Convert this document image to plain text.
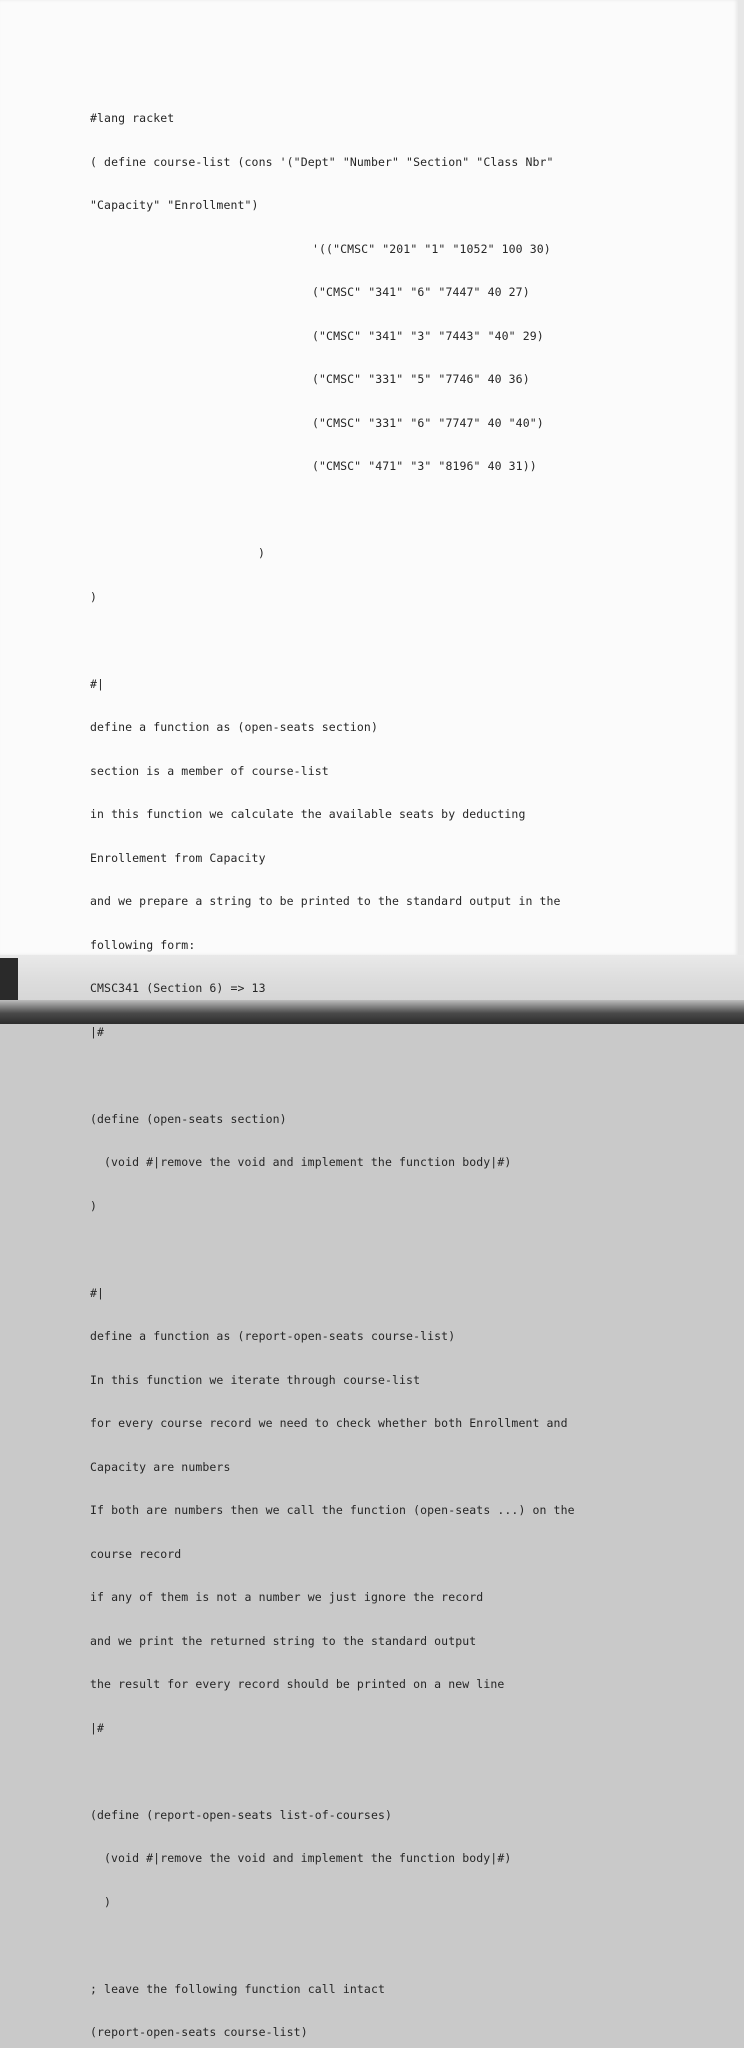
#lang racket

( define course-list (cons '("Dept" "Number" "Section" "Class Nbr"

"Capacity" "Enrollment")

'(("CMSC" "201" "1" "1052" 100 30)

("CMSC" "341" "6" "7447" 40 27)

("CMSC" "341" "3" "7443" "40" 29)

("CMSC" "331" "5" "7746" 40 36)

("CMSC" "331" "6" "7747" 40 "40")

("CMSC" "471" "3" "8196" 40 31))

)

)

#|

define a function as (open-seats section)

section is a member of course-list

in this function we calculate the available seats by deducting

Enrollement from Capacity

and we prepare a string to be printed to the standard output in the

following form:

CMSC341 (Section 6) => 13

|#

(define (open-seats section)

(void #|remove the void and implement the function body|#)

)

#|

define a function as (report-open-seats course-list)

In this function we iterate through course-list

for every course record we need to check whether both Enrollment and

Capacity are numbers

If both are numbers then we call the function (open-seats ...) on the

course record

if any of them is not a number we just ignore the record

and we print the returned string to the standard output

the result for every record should be printed on a new line

|#

(define (report-open-seats list-of-courses)

(void #|remove the void and implement the function body|#)

)

; leave the following function call intact

(report-open-seats course-list)
